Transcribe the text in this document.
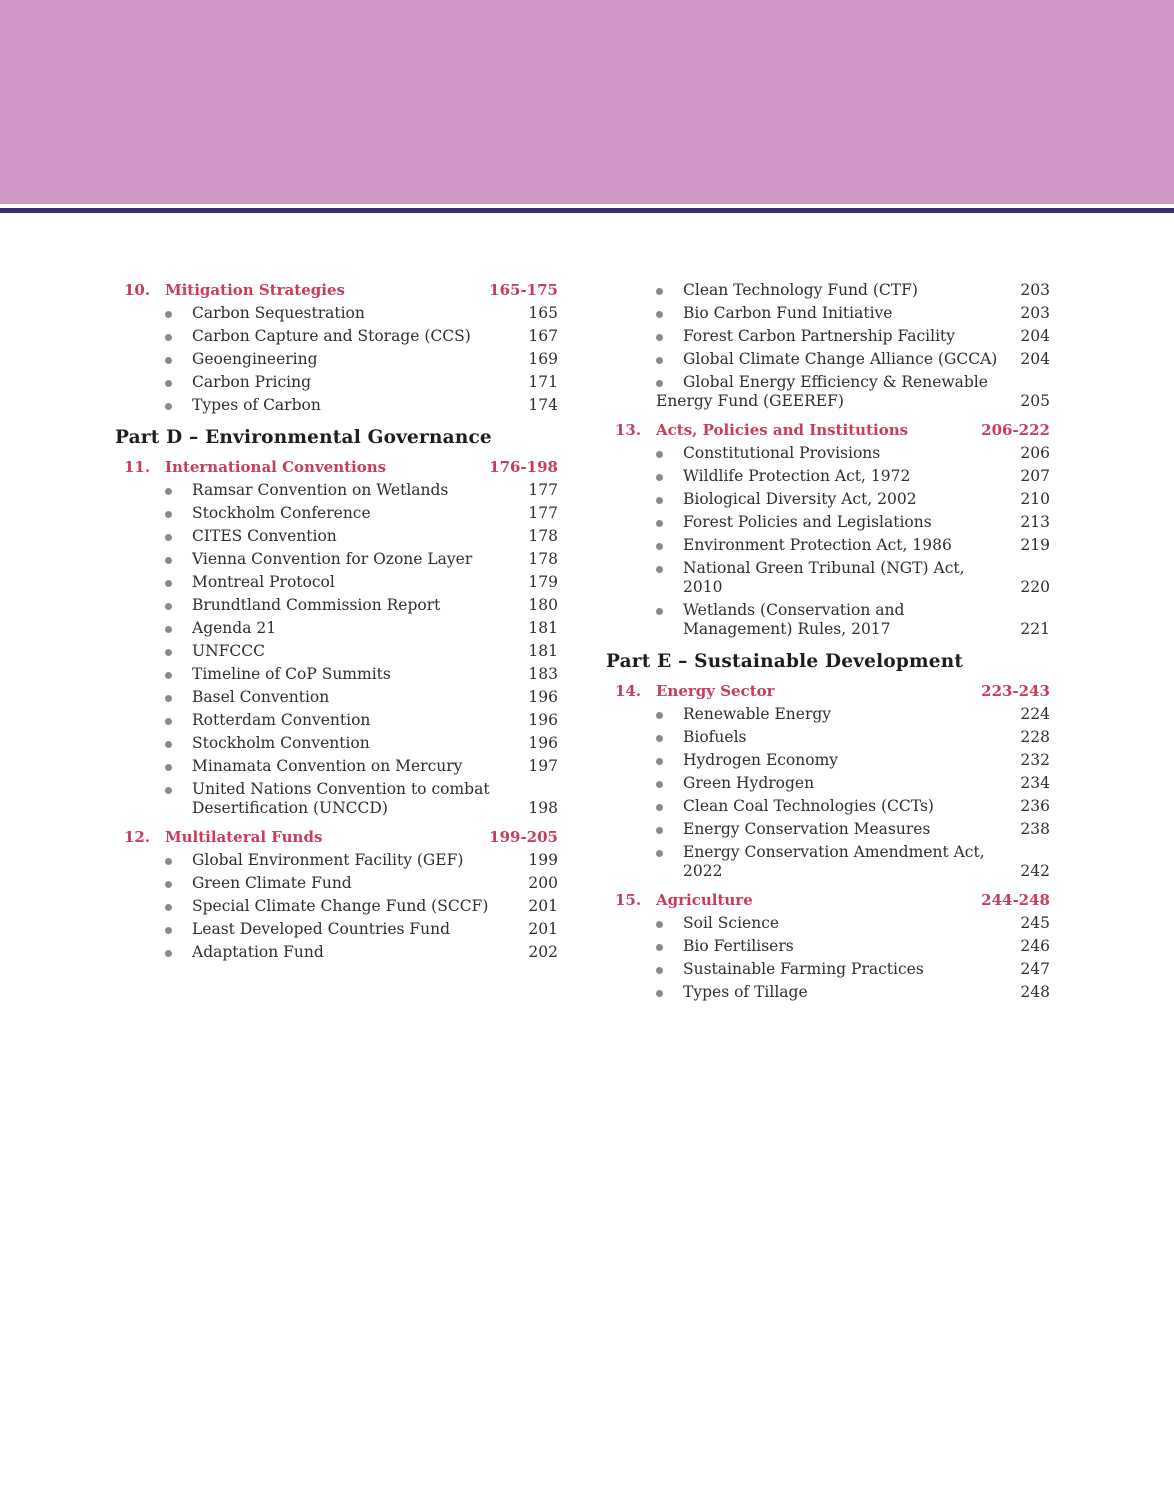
10. Mitigation Strategies	165-175
Carbon Sequestration	165
Carbon Capture and Storage (CCS)	167
Geoengineering	169
Carbon Pricing	171
Types of Carbon	174
Part D – Environmental Governance
11. International Conventions	176-198
Ramsar Convention on Wetlands	177
Stockholm Conference	177
CITES Convention	178
Vienna Convention for Ozone Layer	178
Montreal Protocol	179
Brundtland Commission Report	180
Agenda 21	181
UNFCCC	181
Timeline of CoP Summits	183
Basel Convention	196
Rotterdam Convention	196
Stockholm Convention	196
Minamata Convention on Mercury	197
United Nations Convention to combat Desertification (UNCCD)	198
12. Multilateral Funds	199-205
Global Environment Facility (GEF)	199
Green Climate Fund	200
Special Climate Change Fund (SCCF)	201
Least Developed Countries Fund	201
Adaptation Fund	202
Clean Technology Fund (CTF)	203
Bio Carbon Fund Initiative	203
Forest Carbon Partnership Facility	204
Global Climate Change Alliance (GCCA)	204
Global Energy Efficiency & Renewable Energy Fund (GEEREF)	205
13. Acts, Policies and Institutions	206-222
Constitutional Provisions	206
Wildlife Protection Act, 1972	207
Biological Diversity Act, 2002	210
Forest Policies and Legislations	213
Environment Protection Act, 1986	219
National Green Tribunal (NGT) Act, 2010	220
Wetlands (Conservation and Management) Rules, 2017	221
Part E – Sustainable Development
14. Energy Sector	223-243
Renewable Energy	224
Biofuels	228
Hydrogen Economy	232
Green Hydrogen	234
Clean Coal Technologies (CCTs)	236
Energy Conservation Measures	238
Energy Conservation Amendment Act, 2022	242
15. Agriculture	244-248
Soil Science	245
Bio Fertilisers	246
Sustainable Farming Practices	247
Types of Tillage	248
